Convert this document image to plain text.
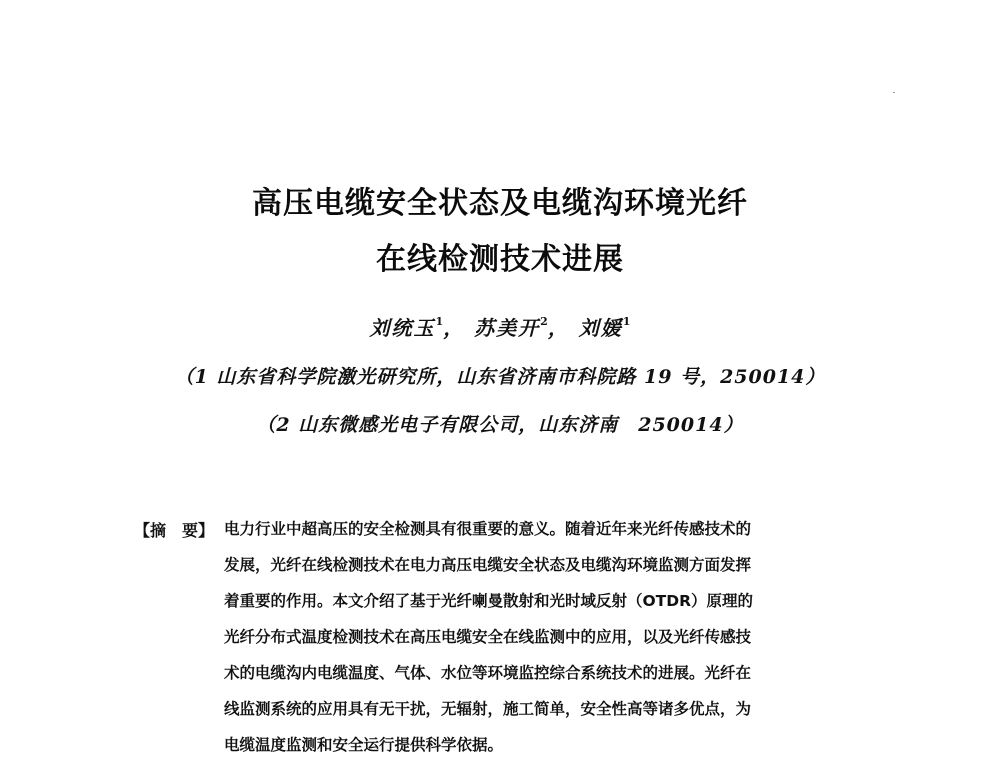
高压电缆安全状态及电缆沟环境光纤
在线检测技术进展
刘统玉$^1$， 苏美开$^2$， 刘媛$^1$
（1 山东省科学院激光研究所，山东省济南市科院路 19 号，250014）
（2 山东微感光电子有限公司，山东济南　250014）
【摘　要】 电力行业中超高压的安全检测具有很重要的意义。随着近年来光纤传感技术的
发展，光纤在线检测技术在电力高压电缆安全状态及电缆沟环境监测方面发挥
着重要的作用。本文介绍了基于光纤喇曼散射和光时域反射（OTDR）原理的
光纤分布式温度检测技术在高压电缆安全在线监测中的应用，以及光纤传感技
术的电缆沟内电缆温度、气体、水位等环境监控综合系统技术的进展。光纤在
线监测系统的应用具有无干扰，无辐射，施工简单，安全性高等诸多优点，为
电缆温度监测和安全运行提供科学依据。
